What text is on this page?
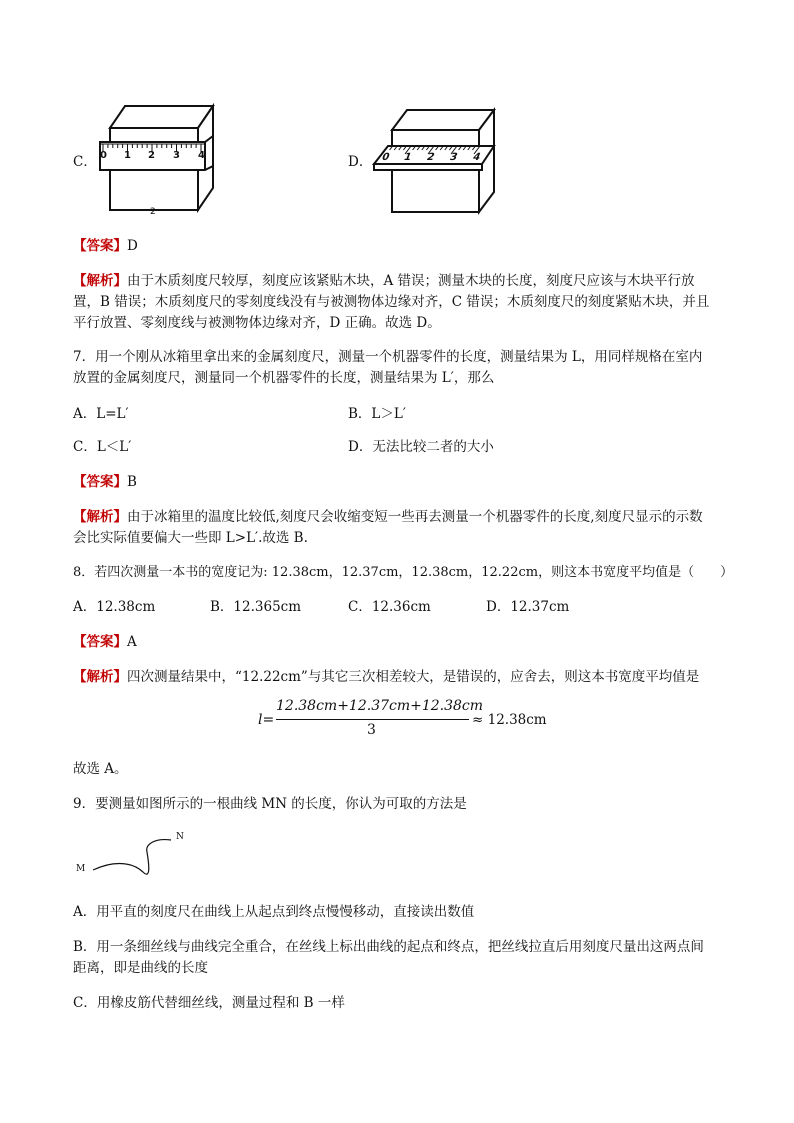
C．
2
0 1 2 3 4	D． 0 1 2 3 4
【答案】D
【解析】由于木质刻度尺较厚，刻度应该紧贴木块，A 错误；测量木块的长度，刻度尺应该与木块平行放
置，B 错误；木质刻度尺的零刻度线没有与被测物体边缘对齐，C 错误；木质刻度尺的刻度紧贴木块，并且
平行放置、零刻度线与被测物体边缘对齐，D 正确。故选 D。
7．用一个刚从冰箱里拿出来的金属刻度尺，测量一个机器零件的长度，测量结果为 L，用同样规格在室内
放置的金属刻度尺，测量同一个机器零件的长度，测量结果为 L′，那么
A．L=L′	B．L＞L′
C．L＜L′	D．无法比较二者的大小
【答案】B
【解析】由于冰箱里的温度比较低,刻度尺会收缩变短一些再去测量一个机器零件的长度,刻度尺显示的示数
会比实际值要偏大一些即 L>L′.故选 B.
8．若四次测量一本书的宽度记为: 12.38cm，12.37cm，12.38cm，12.22cm，则这本书宽度平均值是（　　）
A．12.38cm	B．12.365cm	C．12.36cm	D．12.37cm
【答案】A
【解析】四次测量结果中，“12.22cm”与其它三次相差较大，是错误的，应舍去，则这本书宽度平均值是
l=
12.38cm+12.37cm+12.38cm
3
≈ 12.38cm
故选 A。
9．要测量如图所示的一根曲线 MN 的长度，你认为可取的方法是
M
N
A．用平直的刻度尺在曲线上从起点到终点慢慢移动，直接读出数值
B．用一条细丝线与曲线完全重合，在丝线上标出曲线的起点和终点，把丝线拉直后用刻度尺量出这两点间
距离，即是曲线的长度
C．用橡皮筋代替细丝线，测量过程和 B 一样
